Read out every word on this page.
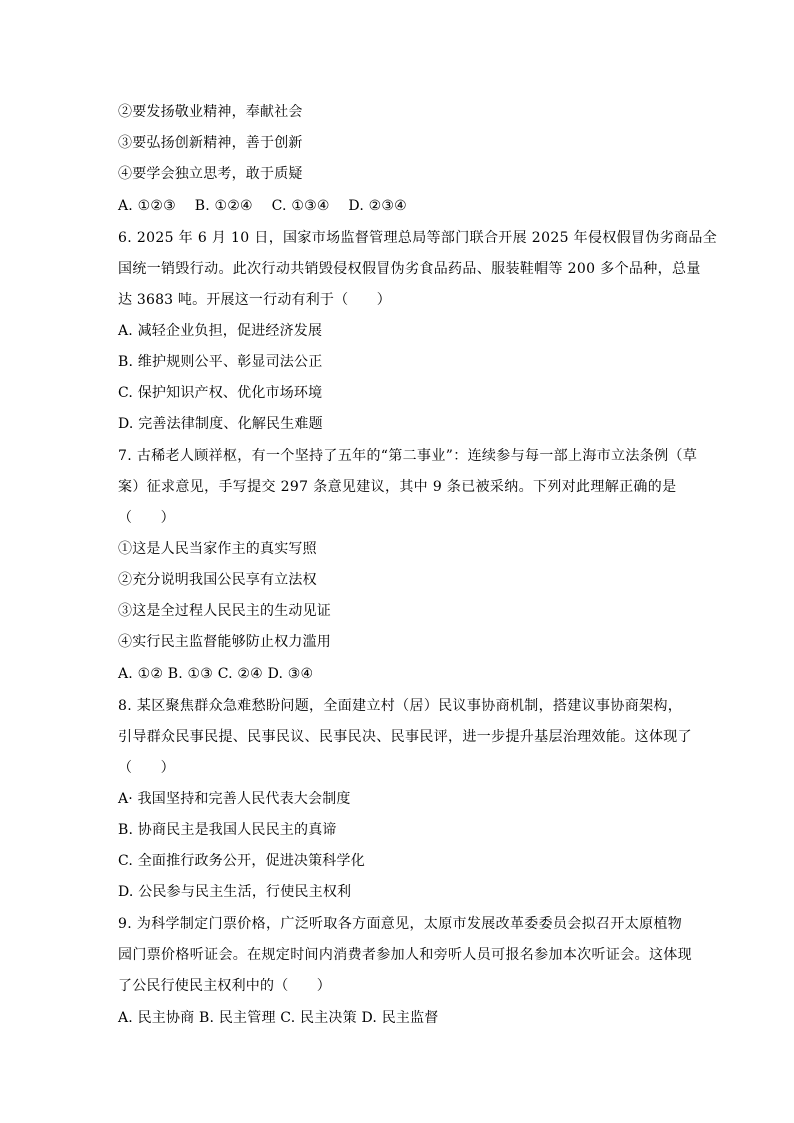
②要发扬敬业精神，奉献社会
③要弘扬创新精神，善于创新
④要学会独立思考，敢于质疑
A. ①②③　 B. ①②④　 C. ①③④　 D. ②③④
6. 2025 年 6 月 10 日，国家市场监督管理总局等部门联合开展 2025 年侵权假冒伪劣商品全
国统一销毁行动。此次行动共销毁侵权假冒伪劣食品药品、服装鞋帽等 200 多个品种，总量
达 3683 吨。开展这一行动有利于（　　）
A. 减轻企业负担，促进经济发展
B. 维护规则公平、彰显司法公正
C. 保护知识产权、优化市场环境
D. 完善法律制度、化解民生难题
7. 古稀老人顾祥枢，有一个坚持了五年的“第二事业”：连续参与每一部上海市立法条例（草
案）征求意见，手写提交 297 条意见建议，其中 9 条已被采纳。下列对此理解正确的是
（　　）
①这是人民当家作主的真实写照
②充分说明我国公民享有立法权
③这是全过程人民民主的生动见证
④实行民主监督能够防止权力滥用
A. ①② B. ①③ C. ②④ D. ③④
8. 某区聚焦群众急难愁盼问题，全面建立村（居）民议事协商机制，搭建议事协商架构，
引导群众民事民提、民事民议、民事民决、民事民评，进一步提升基层治理效能。这体现了
（　　）
A· 我国坚持和完善人民代表大会制度
B. 协商民主是我国人民民主的真谛
C. 全面推行政务公开，促进决策科学化
D. 公民参与民主生活，行使民主权利
9. 为科学制定门票价格，广泛听取各方面意见，太原市发展改革委委员会拟召开太原植物
园门票价格听证会。在规定时间内消费者参加人和旁听人员可报名参加本次听证会。这体现
了公民行使民主权利中的（　　）
A. 民主协商 B. 民主管理 C. 民主决策 D. 民主监督
